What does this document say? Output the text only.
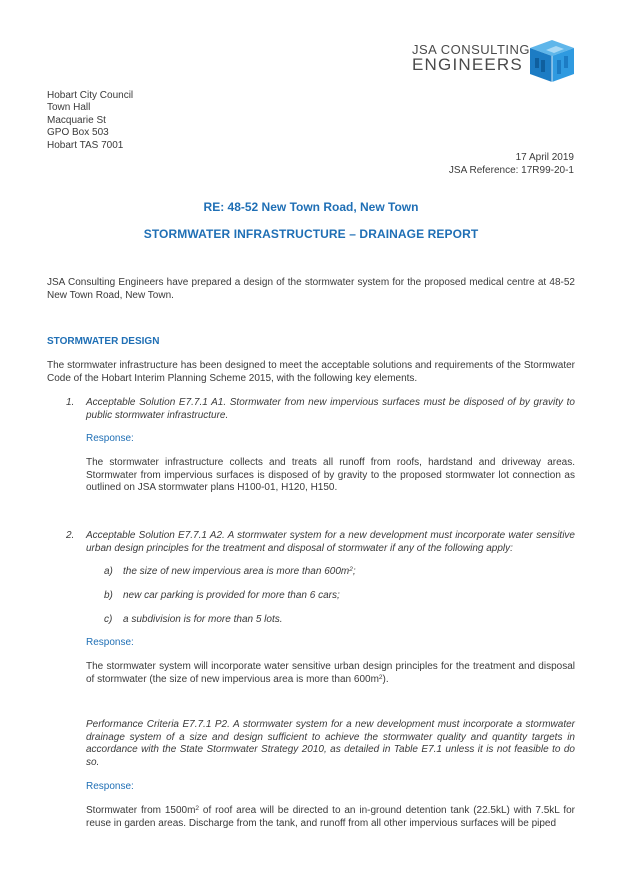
JSA CONSULTING
ENGINEERS
Hobart City Council
Town Hall
Macquarie St
GPO Box 503
Hobart TAS 7001
17 April 2019
JSA Reference: 17R99-20-1
RE: 48-52 New Town Road, New Town
STORMWATER INFRASTRUCTURE – DRAINAGE REPORT
JSA Consulting Engineers have prepared a design of the stormwater system for the proposed medical centre at 48-52 New Town Road, New Town.
STORMWATER DESIGN
The stormwater infrastructure has been designed to meet the acceptable solutions and requirements of the Stormwater Code of the Hobart Interim Planning Scheme 2015, with the following key elements.
1. Acceptable Solution E7.7.1 A1. Stormwater from new impervious surfaces must be disposed of by gravity to public stormwater infrastructure.
Response:
The stormwater infrastructure collects and treats all runoff from roofs, hardstand and driveway areas. Stormwater from impervious surfaces is disposed of by gravity to the proposed stormwater lot connection as outlined on JSA stormwater plans H100-01, H120, H150.
2. Acceptable Solution E7.7.1 A2. A stormwater system for a new development must incorporate water sensitive urban design principles for the treatment and disposal of stormwater if any of the following apply:
a) the size of new impervious area is more than $600m^2$;
b) new car parking is provided for more than 6 cars;
c) a subdivision is for more than 5 lots.
Response:
The stormwater system will incorporate water sensitive urban design principles for the treatment and disposal of stormwater (the size of new impervious area is more than $600m^2$).
Performance Criteria E7.7.1 P2. A stormwater system for a new development must incorporate a stormwater drainage system of a size and design sufficient to achieve the stormwater quality and quantity targets in accordance with the State Stormwater Strategy 2010, as detailed in Table E7.1 unless it is not feasible to do so.
Response:
Stormwater from $1500m^2$ of roof area will be directed to an in-ground detention tank (22.5kL) with 7.5kL for reuse in garden areas. Discharge from the tank, and runoff from all other impervious surfaces will be piped
